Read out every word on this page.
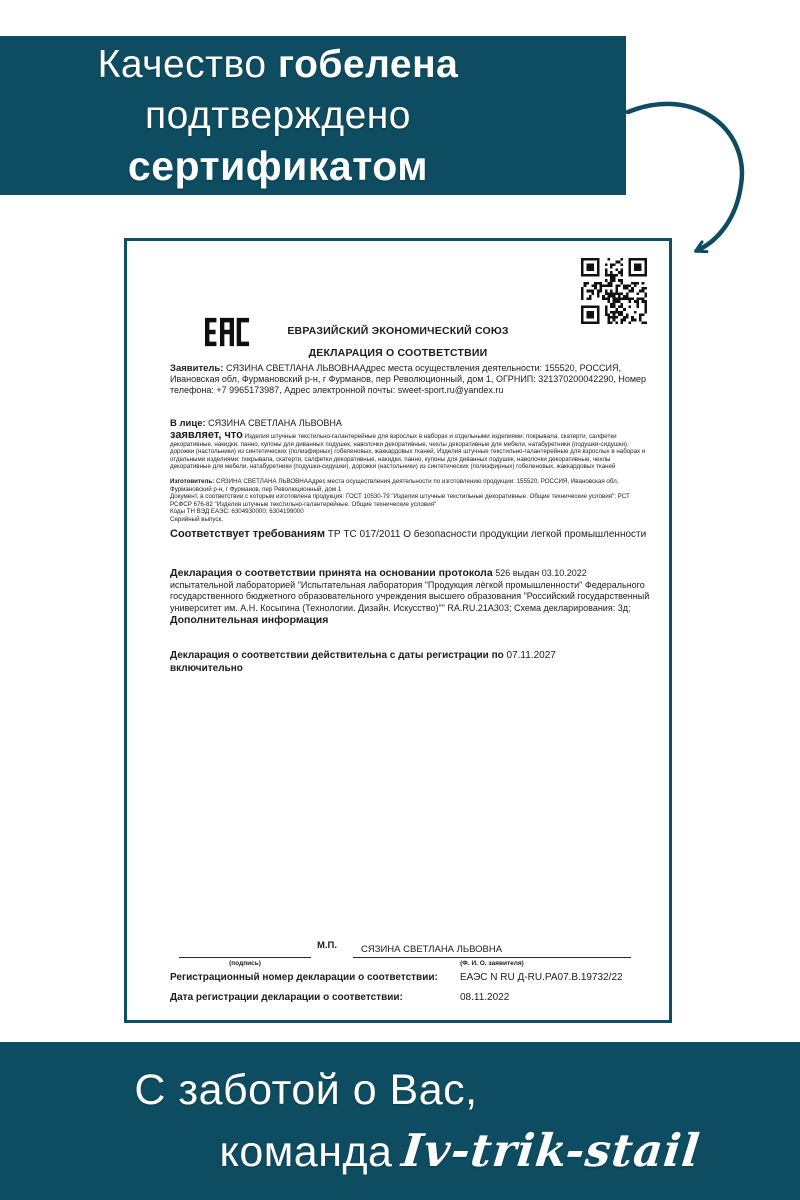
Качество гобелена
подтверждено
сертификатом
ЕВРАЗИЙСКИЙ ЭКОНОМИЧЕСКИЙ СОЮЗ
ДЕКЛАРАЦИЯ О СООТВЕТСТВИИ

Заявитель: СЯЗИНА СВЕТЛАНА ЛЬВОВНААдрес места осуществления деятельности: 155520, РОССИЯ, Ивановская обл, Фурмановский р-н, г Фурманов, пер Революционный, дом 1, ОГРНИП: 321370200042290, Номер телефона: +7 9965173987, Адрес электронной почты: sweet-sport.ru@yandex.ru

В лице: СЯЗИНА СВЕТЛАНА ЛЬВОВНА

заявляет, что Изделия штучные текстильно-галантерейные для взрослых в наборах и отдельными изделиями: покрывала, скатерти, салфетки декоративные, накидки, панно, купоны для диванных подушек, наволочки декоративные, чехлы декоративные для мебели, натабуретники (подушки-сидушки), дорожки (настольники) из синтетических (полиэфирных) гобеленовых, жаккардовых тканей, Изделия штучные текстильно-галантерейные для взрослых в наборах и отдельными изделиями: покрывала, скатерти, салфетки декоративные, накидки, панно, купоны для диванных подушек, наволочки декоративные, чехлы декоративные для мебели, натабуретники (подушки-сидушки), дорожки (настольники) из синтетических (полиэфирных) гобеленовых, жаккардовых тканей

Изготовитель: СЯЗИНА СВЕТЛАНА ЛЬВОВНААдрес места осуществления деятельности по изготовлению продукции: 155520, РОССИЯ, Ивановская обл, Фурмановский р-н, г Фурманов, пер Революционный, дом 1
Документ, в соответствии с которым изготовлена продукция: ГОСТ 10530-79 "Изделия штучные текстильные декоративные. Общие технические условия"; РСТ РСФСР 676-82 "Изделия штучные текстильно-галантерейные. Общие технические условия"
Коды ТН ВЭД ЕАЭС: 6304930000; 6304199000
Серийный выпуск,

Соответствует требованиям ТР ТС 017/2011 О безопасности продукции легкой промышленности

Декларация о соответствии принята на основании протокола 526 выдан 03.10.2022 испытательной лабораторией "Испытательная лаборатория "Продукция лёгкой промышленности" Федерального государственного бюджетного образовательного учреждения высшего образования "Российский государственный университет им. А.Н. Косыгина (Технологии. Дизайн. Искусство)"" RA.RU.21А303; Схема декларирования: 3д;

Дополнительная информация

Декларация о соответствии действительна с даты регистрации по 07.11.2027
включительно

М.П.
(подпись)
СЯЗИНА СВЕТЛАНА ЛЬВОВНА
(Ф. И. О. заявителя)
Регистрационный номер декларации о соответствии: ЕАЭС N RU Д-RU.РА07.В.19732/22
Дата регистрации декларации о соответствии:	08.11.2022
С заботой о Вас,
команда Iv-trik-stail
